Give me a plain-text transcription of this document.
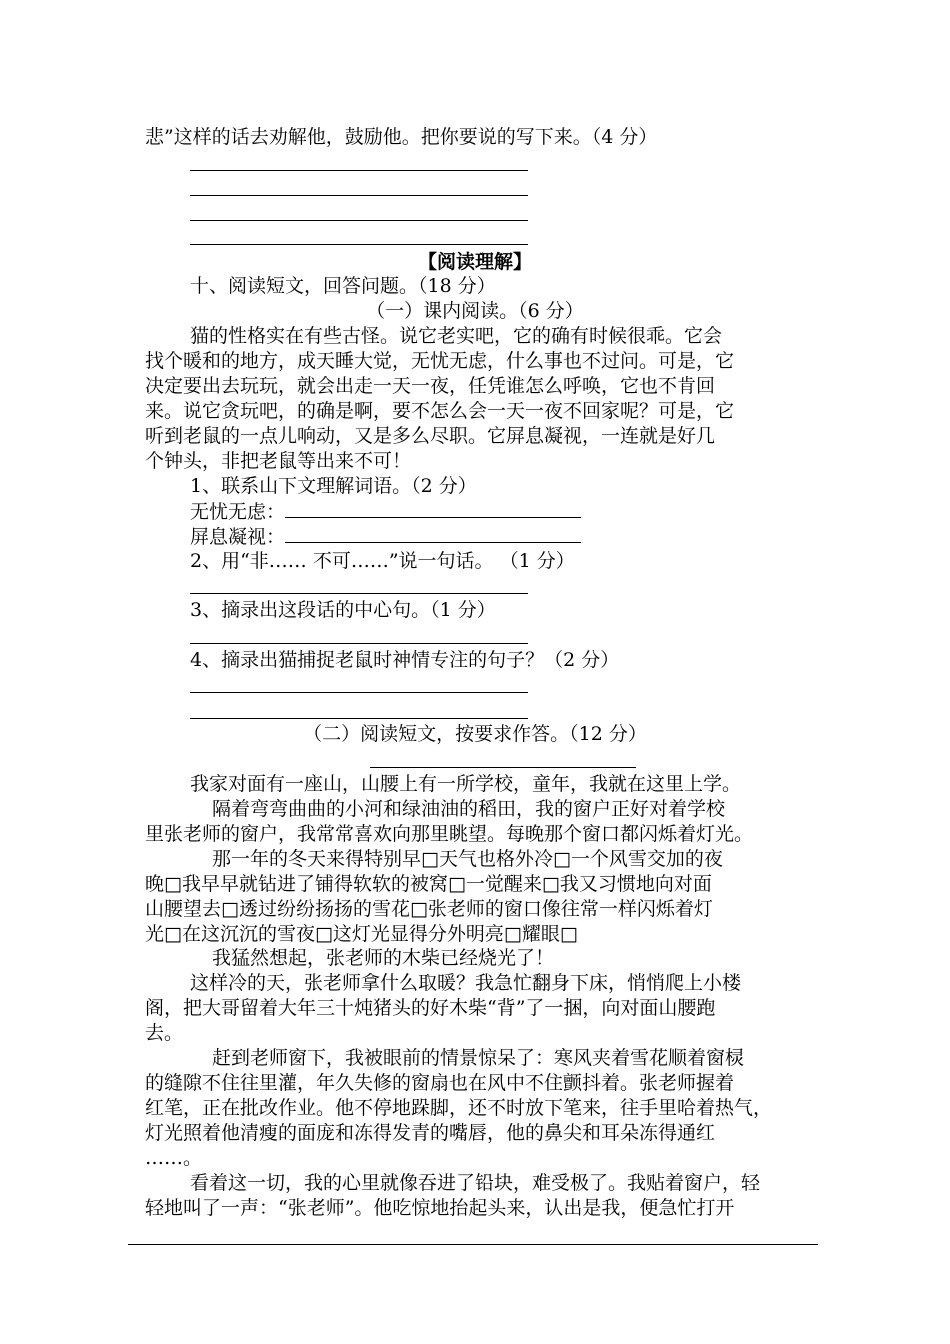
悲”这样的话去劝解他，鼓励他。把你要说的写下来。（4 分）
【阅读理解】
十、阅读短文，回答问题。（18 分）
（一）课内阅读。（6 分）
猫的性格实在有些古怪。说它老实吧，它的确有时候很乖。它会
找个暖和的地方，成天睡大觉，无忧无虑，什么事也不过问。可是，它
决定要出去玩玩，就会出走一天一夜，任凭谁怎么呼唤，它也不肯回
来。说它贪玩吧，的确是啊，要不怎么会一天一夜不回家呢？可是，它
听到老鼠的一点儿响动，又是多么尽职。它屏息凝视，一连就是好几
个钟头，非把老鼠等出来不可！
1、联系山下文理解词语。（2 分）
无忧无虑：
屏息凝视：
2、用“非…… 不可……”说一句话。 （1 分）
3、摘录出这段话的中心句。（1 分）
4、摘录出猫捕捉老鼠时神情专注的句子？（2 分）
（二）阅读短文，按要求作答。（12 分）
我家对面有一座山，山腰上有一所学校，童年，我就在这里上学。
隔着弯弯曲曲的小河和绿油油的稻田，我的窗户正好对着学校
里张老师的窗户，我常常喜欢向那里眺望。每晚那个窗口都闪烁着灯光。
那一年的冬天来得特别早□天气也格外冷□一个风雪交加的夜
晚□我早早就钻进了铺得软软的被窝□一觉醒来□我又习惯地向对面
山腰望去□透过纷纷扬扬的雪花□张老师的窗口像往常一样闪烁着灯
光□在这沉沉的雪夜□这灯光显得分外明亮□耀眼□
我猛然想起，张老师的木柴已经烧光了！
这样冷的天，张老师拿什么取暖？我急忙翻身下床，悄悄爬上小楼
阁，把大哥留着大年三十炖猪头的好木柴“背”了一捆，向对面山腰跑
去。
赶到老师窗下，我被眼前的情景惊呆了：寒风夹着雪花顺着窗棂
的缝隙不住往里灌，年久失修的窗扇也在风中不住颤抖着。张老师握着
红笔，正在批改作业。他不停地跺脚，还不时放下笔来，往手里哈着热气，
灯光照着他清瘦的面庞和冻得发青的嘴唇，他的鼻尖和耳朵冻得通红
……。
看着这一切，我的心里就像吞进了铅块，难受极了。我贴着窗户，轻
轻地叫了一声：“张老师”。他吃惊地抬起头来，认出是我，便急忙打开
